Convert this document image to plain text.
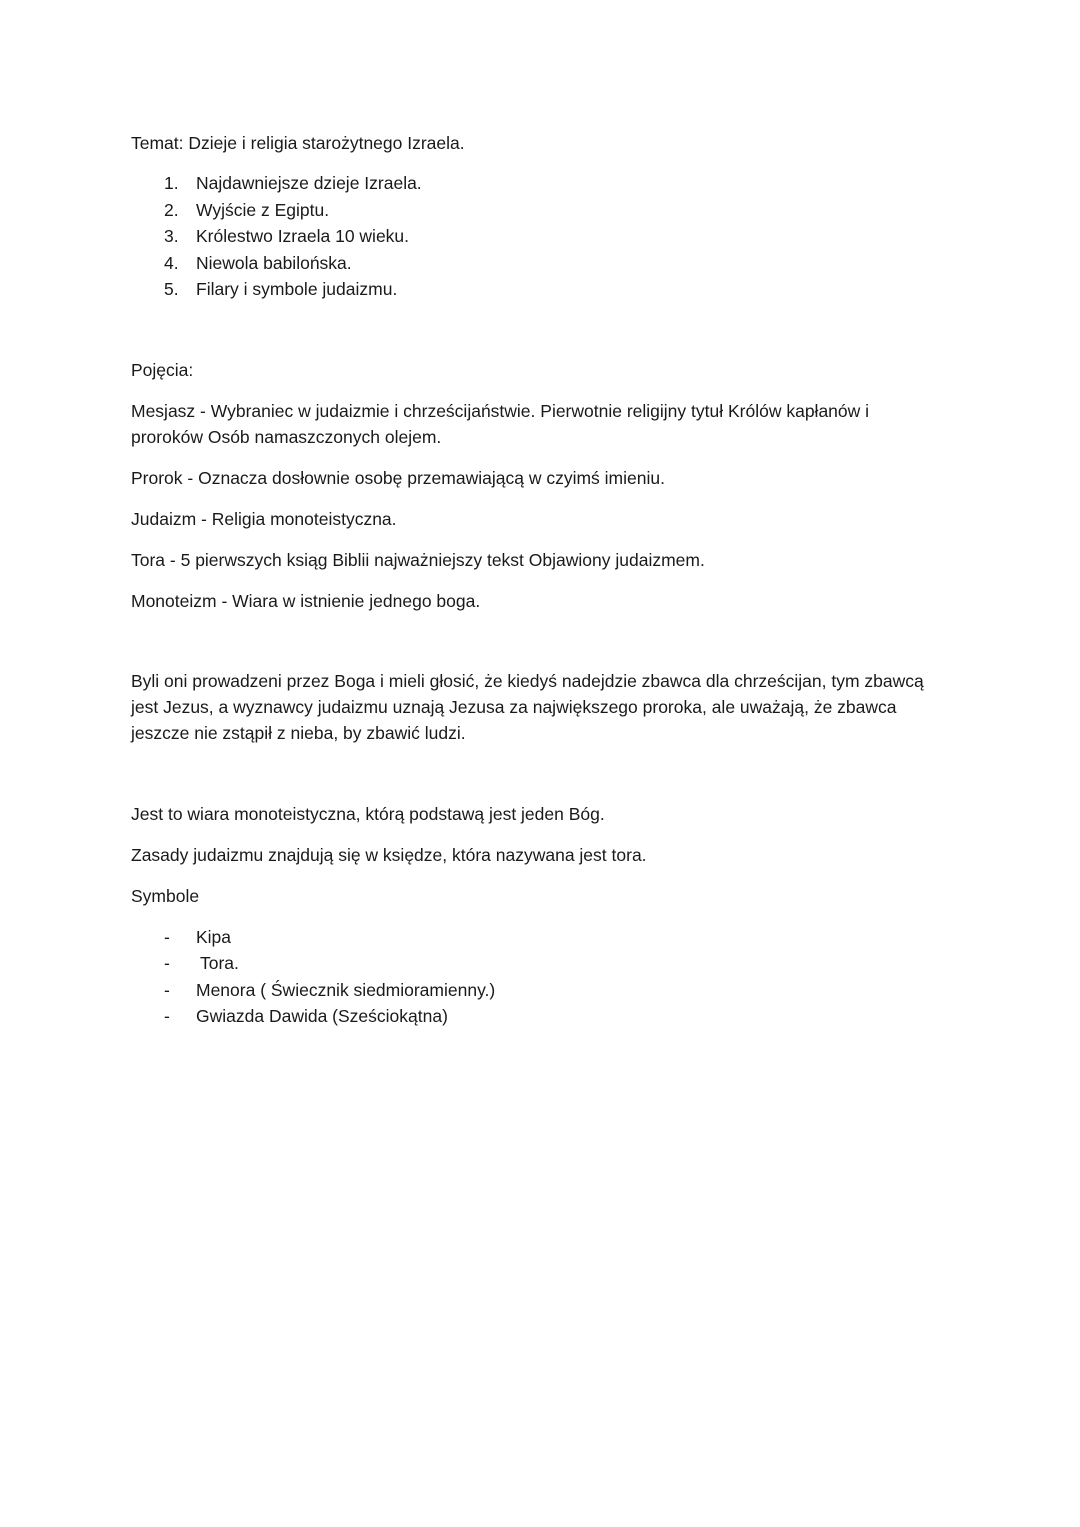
Temat: Dzieje i religia starożytnego Izraela.

1. Najdawniejsze dzieje Izraela.
2. Wyjście z Egiptu.
3. Królestwo Izraela 10 wieku.
4. Niewola babilońska.
5. Filary i symbole judaizmu.

Pojęcia:

Mesjasz - Wybraniec w judaizmie i chrześcijaństwie. Pierwotnie religijny tytuł Królów kapłanów i

proroków Osób namaszczonych olejem.

Prorok - Oznacza dosłownie osobę przemawiającą w czyimś imieniu.

Judaizm - Religia monoteistyczna.

Tora - 5 pierwszych ksiąg Biblii najważniejszy tekst Objawiony judaizmem.

Monoteizm - Wiara w istnienie jednego boga.

Byli oni prowadzeni przez Boga i mieli głosić, że kiedyś nadejdzie zbawca dla chrześcijan, tym zbawcą
jest Jezus, a wyznawcy judaizmu uznają Jezusa za największego proroka, ale uważają, że zbawca
jeszcze nie zstąpił z nieba, by zbawić ludzi.

Jest to wiara monoteistyczna, którą podstawą jest jeden Bóg.

Zasady judaizmu znajdują się w księdze, która nazywana jest tora.

Symbole

- Kipa
- Tora.
- Menora ( Świecznik siedmioramienny.)
- Gwiazda Dawida (Sześciokątna)
